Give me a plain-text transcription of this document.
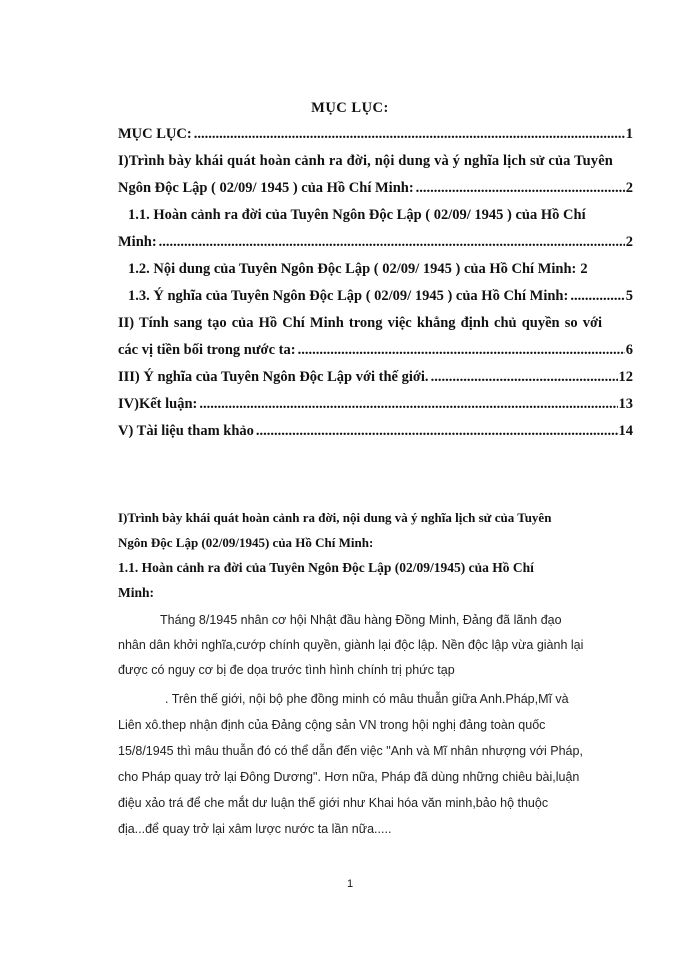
MỤC LỤC:
MỤC LỤC: .....	1
I)Trình bày khái quát hoàn cảnh ra đời, nội dung và ý nghĩa lịch sử của Tuyên
Ngôn Độc Lập ( 02/09/ 1945 ) của Hồ Chí Minh: .....	2
1.1. Hoàn cảnh ra đời của Tuyên Ngôn Độc Lập ( 02/09/ 1945 ) của Hồ Chí
Minh: .....	2
1.2. Nội dung của Tuyên Ngôn Độc Lập ( 02/09/ 1945 ) của Hồ Chí Minh: 2
1.3. Ý nghĩa của Tuyên Ngôn Độc Lập ( 02/09/ 1945 ) của Hồ Chí Minh: .....	5
II) Tính sang tạo của Hồ Chí Minh trong việc khẳng định chủ quyền so với
các vị tiền bối trong nước ta: .....	6
III) Ý nghĩa của Tuyên Ngôn Độc Lập với thế giới. .....	12
IV)Kết luận: .....	13
V) Tài liệu tham khảo .....	14
I)Trình bày khái quát hoàn cảnh ra đời, nội dung và ý nghĩa lịch sử của Tuyên
Ngôn Độc Lập (02/09/1945) của Hồ Chí Minh:
1.1. Hoàn cảnh ra đời của Tuyên Ngôn Độc Lập (02/09/1945) của Hồ Chí
Minh:
Tháng 8/1945 nhân cơ hội Nhật đầu hàng Đồng Minh, Đảng đã lãnh đạo
nhân dân khởi nghĩa,cướp chính quyền, giành lại độc lập. Nền độc lập vừa giành lại
được có nguy cơ bị đe dọa trước tình hình chính trị phức tạp
. Trên thế giới, nội bộ phe đồng minh có mâu thuẫn giữa Anh.Pháp,Mĩ và
Liên xô.thep nhận định của Đảng cộng sản VN trong hội nghị đảng toàn quốc
15/8/1945 thì mâu thuẫn đó có thể dẫn đến việc "Anh và Mĩ nhân nhượng với Pháp,
cho Pháp quay trở lại Đông Dương". Hơn nữa, Pháp đã dùng những chiêu bài,luận
điệu xảo trá để che mắt dư luận thế giới như Khai hóa văn minh,bảo hộ thuộc
địa...để quay trở lại xâm lược nước ta lần nữa.....
1
